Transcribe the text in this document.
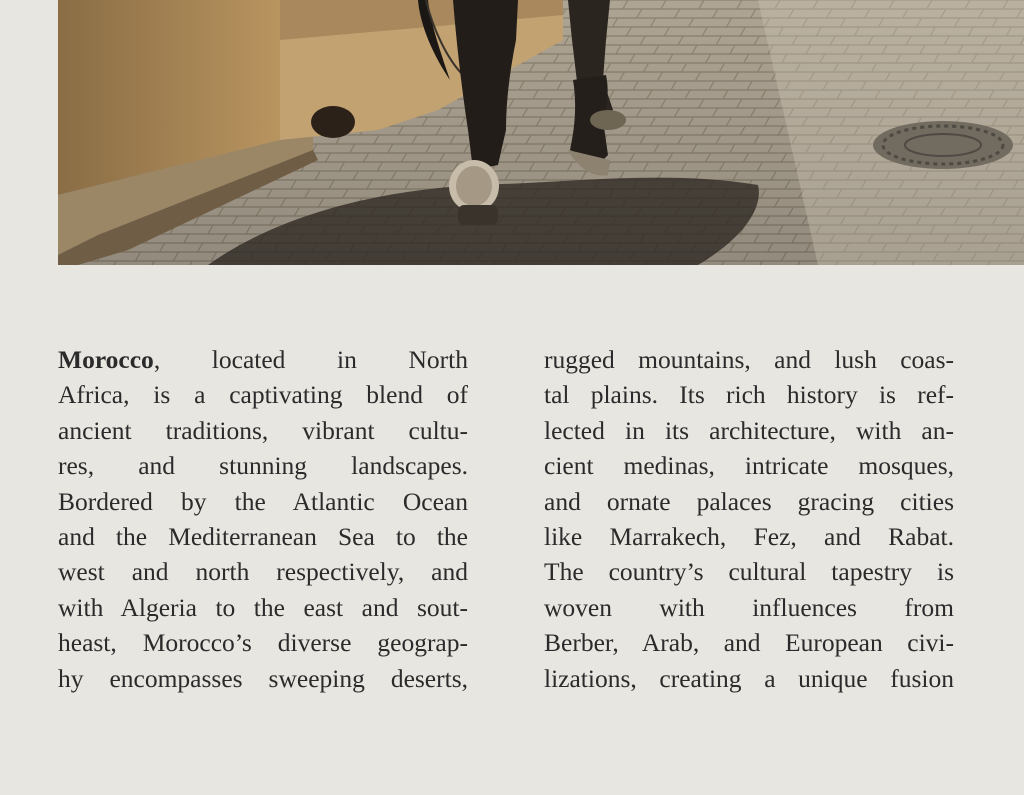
Morocco, located in North
Africa, is a captivating blend of
ancient traditions, vibrant cultu-
res, and stunning landscapes.
Bordered by the Atlantic Ocean
and the Mediterranean Sea to the
west and north respectively, and
with Algeria to the east and sout-
heast, Morocco’s diverse geograp-
hy encompasses sweeping deserts,
rugged mountains, and lush coas-
tal plains. Its rich history is ref-
lected in its architecture, with an-
cient medinas, intricate mosques,
and ornate palaces gracing cities
like Marrakech, Fez, and Rabat.
The country’s cultural tapestry is
woven with influences from
Berber, Arab, and European civi-
lizations, creating a unique fusion
